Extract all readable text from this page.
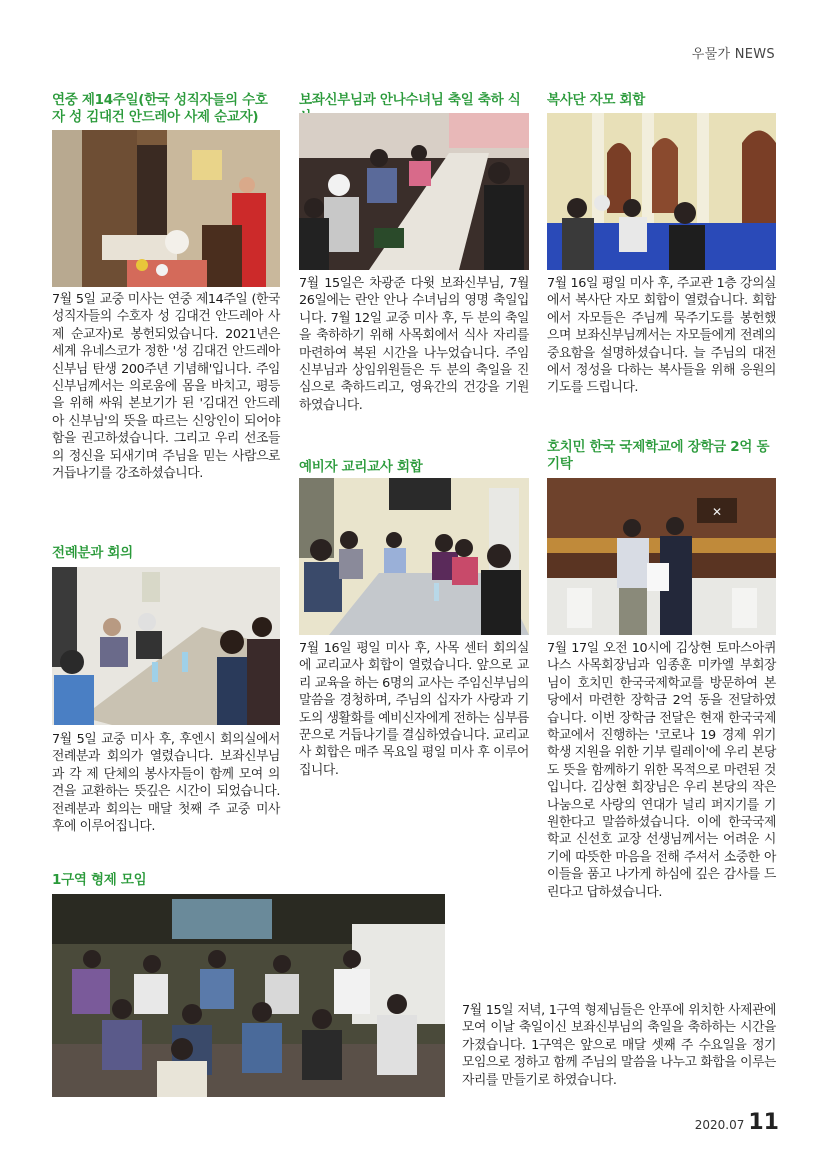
우물가 NEWS
연중 제14주일(한국 성직자들의 수호자 성 김대건 안드레아 사제 순교자)
7월 5일 교중 미사는 연중 제14주일 (한국 성직자들의 수호자 성 김대건 안드레아 사제 순교자)로 봉헌되었습니다. 2021년은 세계 유네스코가 정한 '성 김대건 안드레아 신부님 탄생 200주년 기념해'입니다. 주임 신부님께서는 의로움에 몸을 바치고, 평등을 위해 싸워 본보기가 된 '김대건 안드레아 신부님'의 뜻을 따르는 신앙인이 되어야 함을 권고하셨습니다. 그리고 우리 선조들의 정신을 되새기며 주님을 믿는 사람으로 거듭나기를 강조하셨습니다.
전례분과 회의
7월 5일 교중 미사 후, 후엔시 회의실에서 전례분과 회의가 열렸습니다. 보좌신부님과 각 제 단체의 봉사자들이 함께 모여 의견을 교환하는 뜻깊은 시간이 되었습니다. 전례분과 회의는 매달 첫째 주 교중 미사 후에 이루어집니다.
보좌신부님과 안나수녀님 축일 축하 식
7월 15일은 차광준 다윗 보좌신부님, 7월 26일에는 란안 안나 수녀님의 영명 축일입니다. 7월 12일 교중 미사 후, 두 분의 축일을 축하하기 위해 사목회에서 식사 자리를 마련하여 복된 시간을 나누었습니다. 주임신부님과 상임위원들은 두 분의 축일을 진심으로 축하드리고, 영육간의 건강을 기원하였습니다.
예비자 교리교사 회합
7월 16일 평일 미사 후, 사목 센터 회의실에 교리교사 회합이 열렸습니다. 앞으로 교리 교육을 하는 6명의 교사는 주임신부님의 말씀을 경청하며, 주님의 십자가 사랑과 기도의 생활화를 예비신자에게 전하는 심부름꾼으로 거듭나기를 결심하였습니다. 교리교사 회합은 매주 목요일 평일 미사 후 이루어집니다.
복사단 자모 회합
7월 16일 평일 미사 후, 주교관 1층 강의실에서 복사단 자모 회합이 열렸습니다. 회합에서 자모들은 주님께 묵주기도를 봉헌했으며 보좌신부님께서는 자모들에게 전례의 중요함을 설명하셨습니다. 늘 주님의 대전에서 정성을 다하는 복사들을 위해 응원의 기도를 드립니다.
호치민 한국 국제학교에 장학금 2억 동 기탁
✕
7월 17일 오전 10시에 김상현 토마스아퀴나스 사목회장님과 임종훈 미카엘 부회장님이 호치민 한국국제학교를 방문하여 본당에서 마련한 장학금 2억 동을 전달하였습니다. 이번 장학금 전달은 현재 한국국제학교에서 진행하는 '코로나 19 경제 위기 학생 지원을 위한 기부 릴레이'에 우리 본당도 뜻을 함께하기 위한 목적으로 마련된 것입니다. 김상현 회장님은 우리 본당의 작은 나눔으로 사랑의 연대가 널리 퍼지기를 기원한다고 말씀하셨습니다. 이에 한국국제학교 신선호 교장 선생님께서는 어려운 시기에 따뜻한 마음을 전해 주셔서 소중한 아이들을 품고 나가게 하심에 깊은 감사를 드린다고 답하셨습니다.
1구역 형제 모임
7월 15일 저녁, 1구역 형제님들은 안푸에 위치한 사제관에 모여 이날 축일이신 보좌신부님의 축일을 축하하는 시간을 가졌습니다. 1구역은 앞으로 매달 셋째 주 수요일을 정기 모임으로 정하고 함께 주님의 말씀을 나누고 화합을 이루는 자리를 만들기로 하였습니다.
2020.07 11
